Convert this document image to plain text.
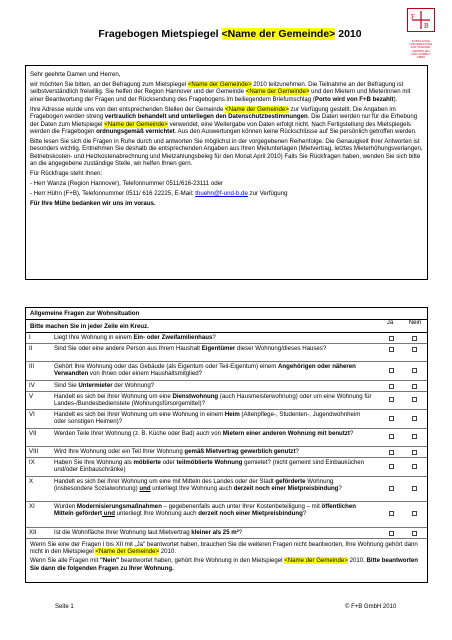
Fragebogen Mietspiegel <Name der Gemeinde> 2010
F
B
FORSCHUNG
UND BERATUNG
FÜR WOHNEN,
IMMOBILIEN
UND UMWELT
GMBH

Sehr geehrte Damen und Herren,

wir möchten Sie bitten, an der Befragung zum Mietspiegel <Name der Gemeinde> 2010 teilzunehmen. Die Teilnahme an der Befragung ist selbstverständlich freiwillig. Sie helfen der Region Hannover und der Gemeinde <Name der Gemeinde> und den Mietern und Mieterinnen mit einer Beantwortung der Fragen und der Rücksendung des Fragebogens im beiliegendem Briefumschlag (Porto wird von F+B bezahlt).

Ihre Adresse wurde uns von den entsprechenden Stellen der Gemeinde <Name der Gemeinde> zur Verfügung gestellt. Die Angaben im Fragebogen werden streng vertraulich behandelt und unterliegen den Datenschutzbestimmungen. Die Daten werden nur für die Erhebung der Daten zum Mietspiegel <Name der Gemeinde> verwendet, eine Weitergabe von Daten erfolgt nicht. Nach Fertigstellung des Mietspiegels werden die Fragebogen ordnungsgemäß vernichtet. Aus den Auswertungen können keine Rückschlüsse auf Sie persönlich getroffen werden.

Bitte lesen Sie sich die Fragen in Ruhe durch und antworten Sie möglichst in der vorgegebenen Reihenfolge. Die Genauigkeit Ihrer Antworten ist besonders wichtig. Entnehmen Sie deshalb die entsprechenden Angaben aus Ihren Mietunterlagen (Mietvertrag, letztes Mieterhöhungsverlangen, Betriebskosten- und Heizkostenabrechnung und Mietzahlungsbeleg für den Monat April 2010) Falls Sie Rückfragen haben, wenden Sie sich bitte an die angegebene zuständige Stelle, wir helfen Ihnen gern.

Für Rückfrage steht Ihnen:

- Herr Wanza (Region Hannover), Telefonnummer 0511/616-23111 oder

- Herr Hühn (F+B), Telefonnummer 0511/ 616 22225, E-Mail: thuehn@f-und-b.de zur Verfügung

Für Ihre Mühe bedanken wir uns im voraus.

Allgemeine Fragen zur Wohnsituation
Bitte machen Sie in jeder Zeile ein Kreuz.
Ja	Nein
I	Liegt Ihre Wohnung in einem Ein- oder Zweifamilienhaus?
II	Sind Sie oder eine andere Person aus Ihrem Haushalt Eigentümer dieser Wohnung/dieses Hauses?
III	Gehört Ihre Wohnung oder das Gebäude (als Eigentum oder Teil-Eigentum) einem Angehörigen oder näheren Verwandten von Ihnen oder einem Haushaltsmitglied?
IV	Sind Sie Untermieter der Wohnung?
V	Handelt es sich bei Ihrer Wohnung um eine Dienstwohnung (auch Hausmeisterwohnung) oder um eine Wohnung für Landes-/Bundesbedienstete (Wohnungsfürsorgemittel)?
VI	Handelt es sich bei Ihrer Wohnung um eine Wohnung in einem Heim (Altenpflege-, Studenten-, Jugendwohnheim oder sonstigen Heimen)?
VII	Werden Teile Ihrer Wohnung (z. B. Küche oder Bad) auch von Mietern einer anderen Wohnung mit benutzt?
VIII	Wird Ihre Wohnung oder ein Teil Ihrer Wohnung gemäß Mietvertrag gewerblich genutzt?
IX	Haben Sie Ihre Wohnung als möblierte oder teilmöblierte Wohnung gemietet? (nicht gemeint sind Einbauküchen und/oder Einbauschränke)
X	Handelt es sich bei Ihrer Wohnung um eine mit Mitteln des Landes oder der Stadt geförderte Wohnung (insbesondere Sozialwohnung) und unterliegt Ihre Wohnung auch derzeit noch einer Mietpreisbindung?
XI	Wurden Modernisierungsmaßnahmen – gegebenenfalls auch unter Ihrer Kostenbeteiligung – mit öffentlichen Mitteln gefördert und unterliegt Ihre Wohnung auch derzeit noch einer Mietpreisbindung?
XII	Ist die Wohnfläche Ihrer Wohnung laut Mietvertrag kleiner als 25 m²?

Wenn Sie eine der Fragen I bis XII mit „Ja" beantwortet haben, brauchen Sie die weiteren Fragen nicht beantworten, Ihre Wohnung gehört dann nicht in den Mietspiegel <Name der Gemeinde> 2010.

Wenn Sie alle Fragen mit "Nein" beantwortet haben, gehört Ihre Wohnung in den Mietspiegel <Name der Gemeinde> 2010. Bitte beantworten Sie dann die folgenden Fragen zu Ihrer Wohnung.

Seite 1	© F+B GmbH 2010
